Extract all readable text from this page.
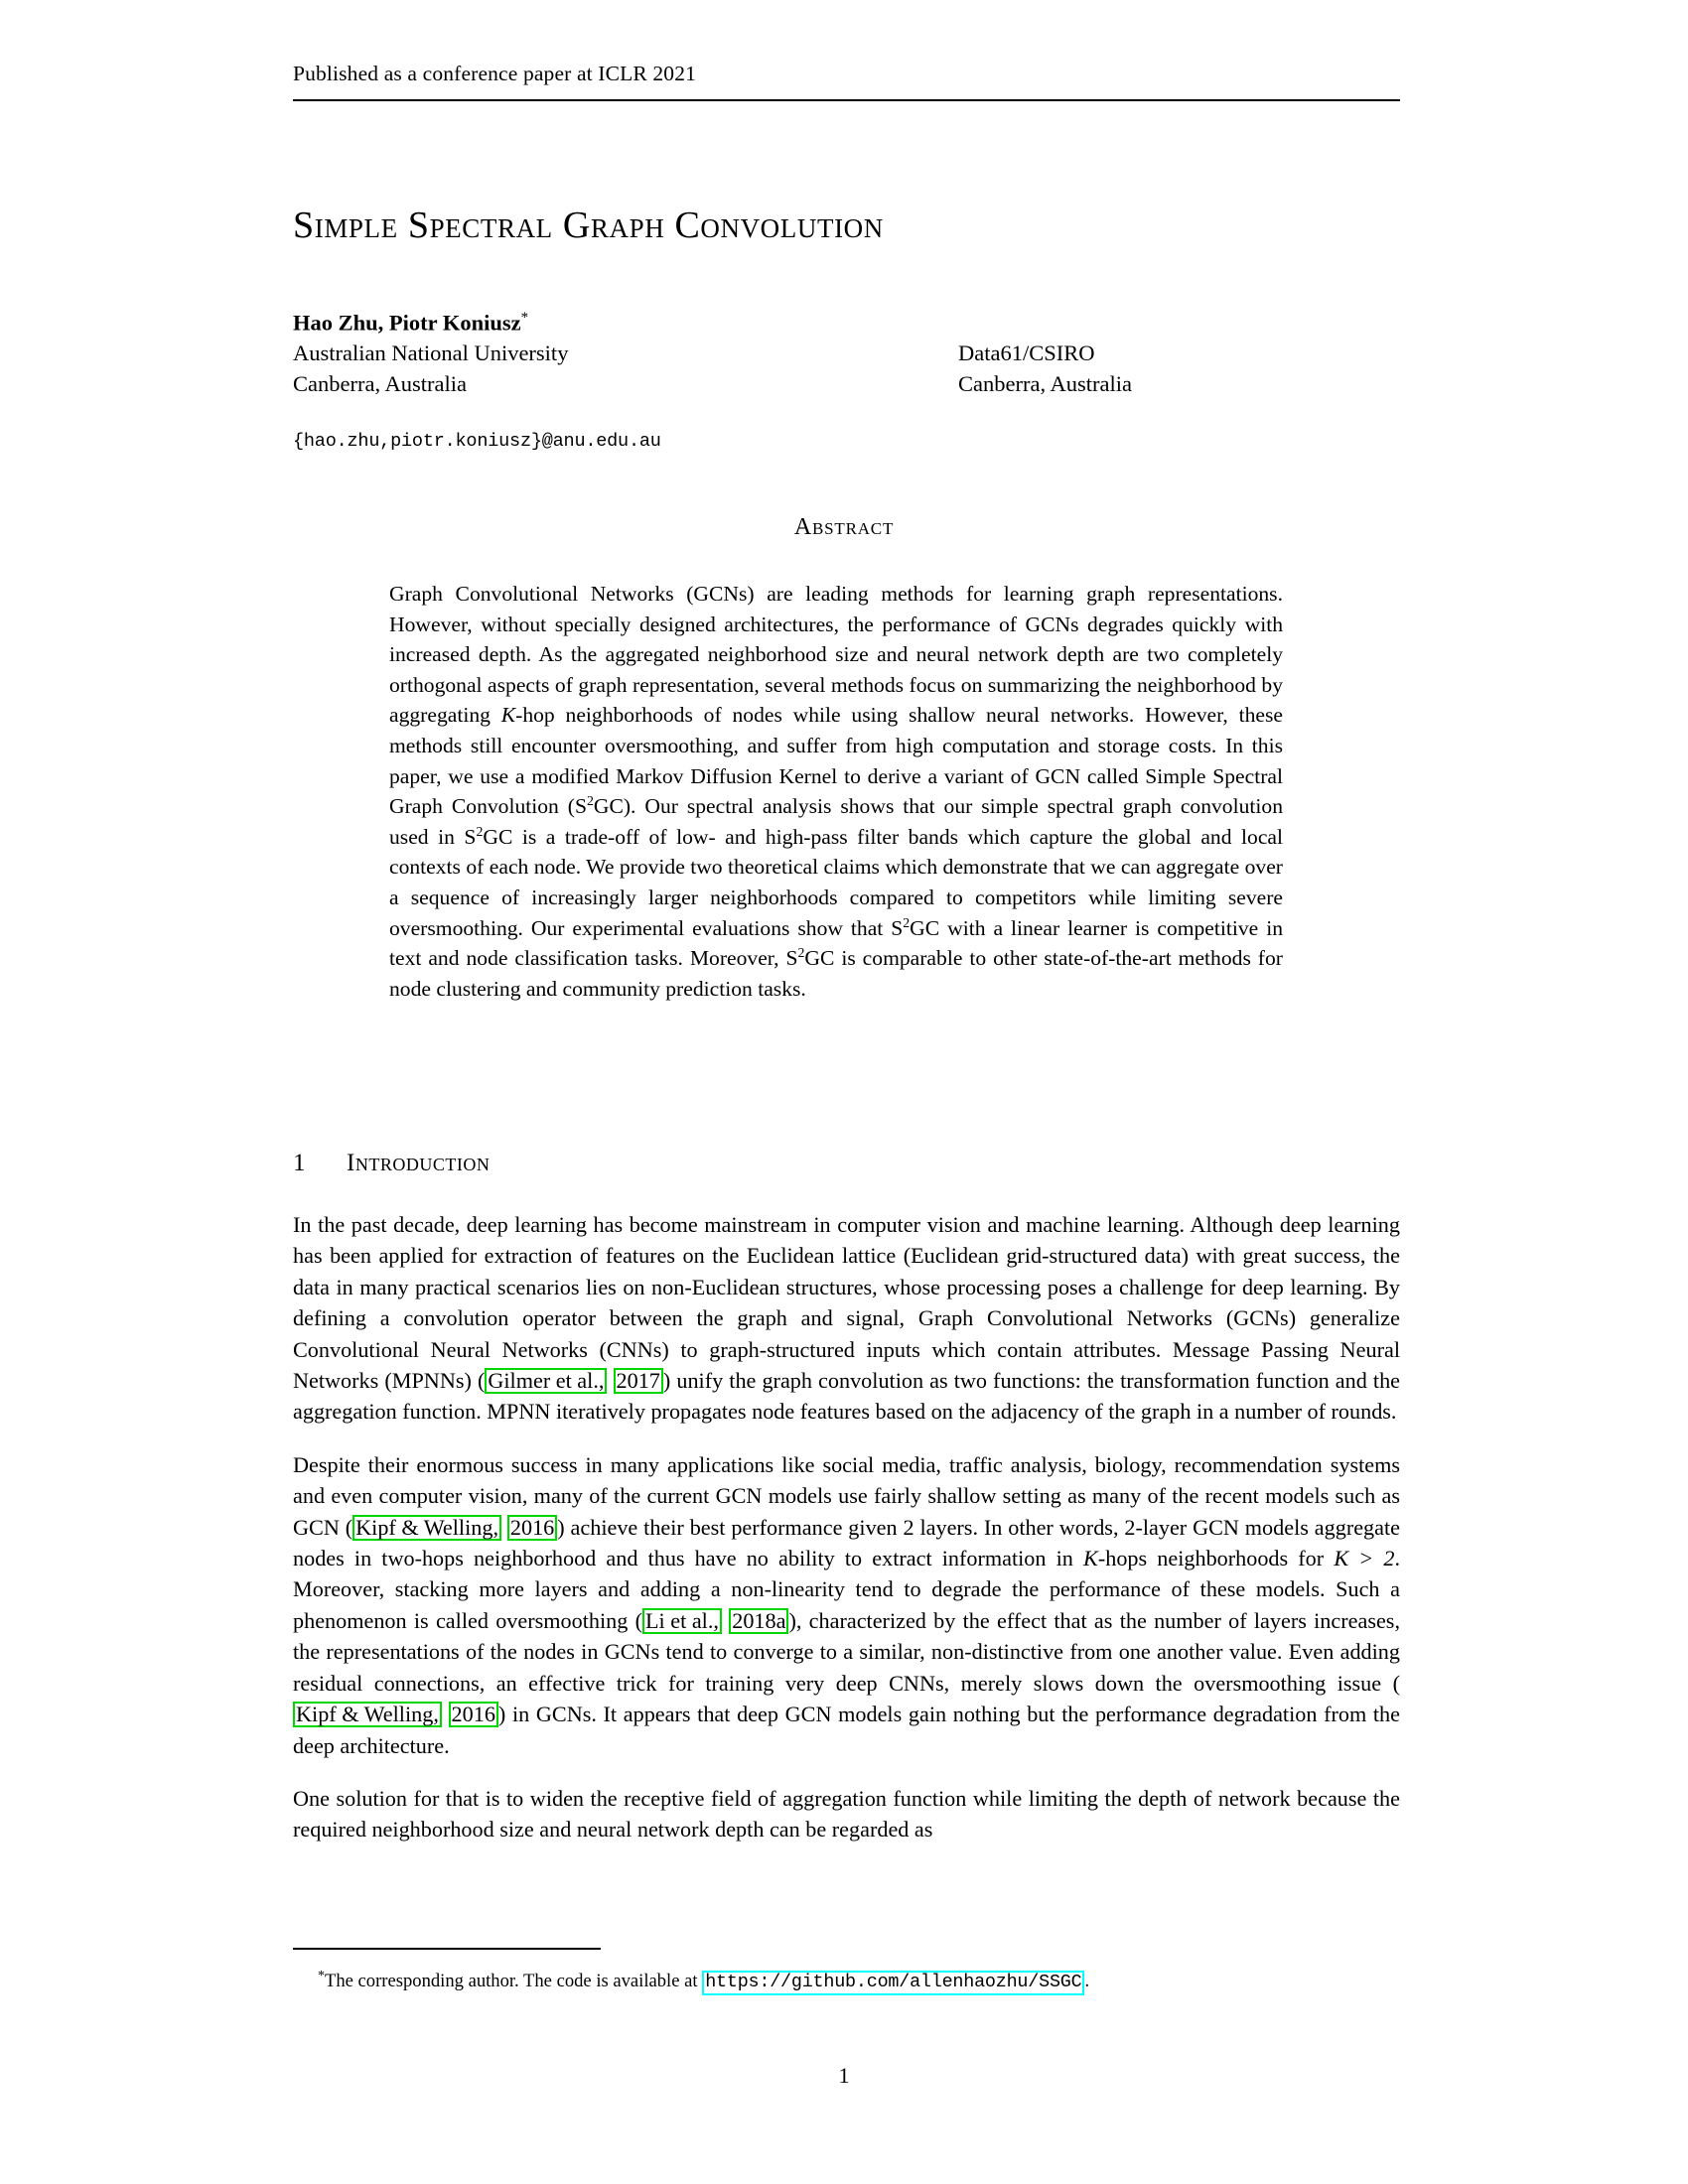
Published as a conference paper at ICLR 2021
Simple Spectral Graph Convolution
Hao Zhu, Piotr Koniusz*
Australian National University	Data61/CSIRO
Canberra, Australia	Canberra, Australia
{hao.zhu,piotr.koniusz}@anu.edu.au
Abstract
Graph Convolutional Networks (GCNs) are leading methods for learning graph representations. However, without specially designed architectures, the performance of GCNs degrades quickly with increased depth. As the aggregated neighborhood size and neural network depth are two completely orthogonal aspects of graph representation, several methods focus on summarizing the neighborhood by aggregating K-hop neighborhoods of nodes while using shallow neural networks. However, these methods still encounter oversmoothing, and suffer from high computation and storage costs. In this paper, we use a modified Markov Diffusion Kernel to derive a variant of GCN called Simple Spectral Graph Convolution $(S^2GC)$. Our spectral analysis shows that our simple spectral graph convolution used in $S^2GC$ is a trade-off of low- and high-pass filter bands which capture the global and local contexts of each node. We provide two theoretical claims which demonstrate that we can aggregate over a sequence of increasingly larger neighborhoods compared to competitors while limiting severe oversmoothing. Our experimental evaluations show that $S^2GC$ with a linear learner is competitive in text and node classification tasks. Moreover, $S^2GC$ is comparable to other state-of-the-art methods for node clustering and community prediction tasks.
1 Introduction

In the past decade, deep learning has become mainstream in computer vision and machine learning. Although deep learning has been applied for extraction of features on the Euclidean lattice (Euclidean grid-structured data) with great success, the data in many practical scenarios lies on non-Euclidean structures, whose processing poses a challenge for deep learning. By defining a convolution operator between the graph and signal, Graph Convolutional Networks (GCNs) generalize Convolutional Neural Networks (CNNs) to graph-structured inputs which contain attributes. Message Passing Neural Networks (MPNNs) ( Gilmer et al., 2017 ) unify the graph convolution as two functions: the transformation function and the aggregation function. MPNN iteratively propagates node features based on the adjacency of the graph in a number of rounds.

Despite their enormous success in many applications like social media, traffic analysis, biology, recommendation systems and even computer vision, many of the current GCN models use fairly shallow setting as many of the recent models such as GCN ( Kipf & Welling, 2016 ) achieve their best performance given 2 layers. In other words, 2-layer GCN models aggregate nodes in two-hops neighborhood and thus have no ability to extract information in K-hops neighborhoods for K > 2. Moreover, stacking more layers and adding a non-linearity tend to degrade the performance of these models. Such a phenomenon is called oversmoothing ( Li et al., 2018a ), characterized by the effect that as the number of layers increases, the representations of the nodes in GCNs tend to converge to a similar, non-distinctive from one another value. Even adding residual connections, an effective trick for training very deep CNNs, merely slows down the oversmoothing issue (Kipf & Welling, 2016 ) in GCNs. It appears that deep GCN models gain nothing but the performance degradation from the deep architecture.

One solution for that is to widen the receptive field of aggregation function while limiting the depth of network because the required neighborhood size and neural network depth can be regarded as

*The corresponding author. The code is available at https://github.com/allenhaozhu/SSGC .
1
